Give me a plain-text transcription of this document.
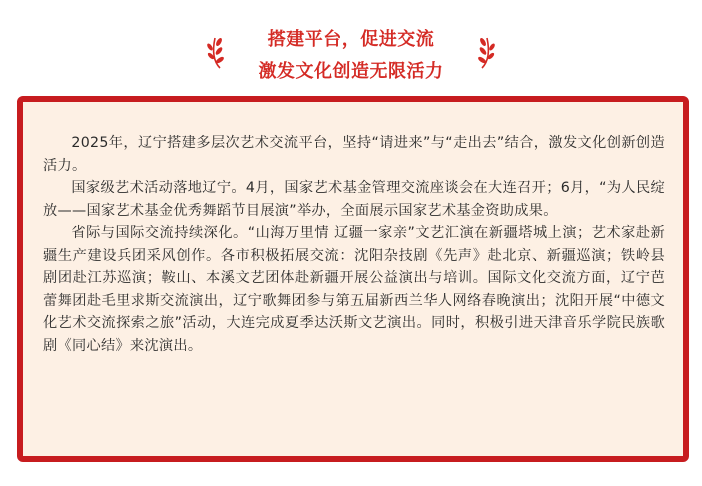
搭建平台，促进交流
激发文化创造无限活力

2025年，辽宁搭建多层次艺术交流平台，坚持“请进来”与“走出去”结合，激发文化创新创造活力。

国家级艺术活动落地辽宁。4月，国家艺术基金管理交流座谈会在大连召开；6月，“为人民绽放——国家艺术基金优秀舞蹈节目展演”举办，全面展示国家艺术基金资助成果。

省际与国际交流持续深化。“山海万里情 辽疆一家亲”文艺汇演在新疆塔城上演；艺术家赴新疆生产建设兵团采风创作。各市积极拓展交流：沈阳杂技剧《先声》赴北京、新疆巡演；铁岭县剧团赴江苏巡演；鞍山、本溪文艺团体赴新疆开展公益演出与培训。国际文化交流方面，辽宁芭蕾舞团赴毛里求斯交流演出，辽宁歌舞团参与第五届新西兰华人网络春晚演出；沈阳开展“中德文化艺术交流探索之旅”活动，大连完成夏季达沃斯文艺演出。同时，积极引进天津音乐学院民族歌剧《同心结》来沈演出。
